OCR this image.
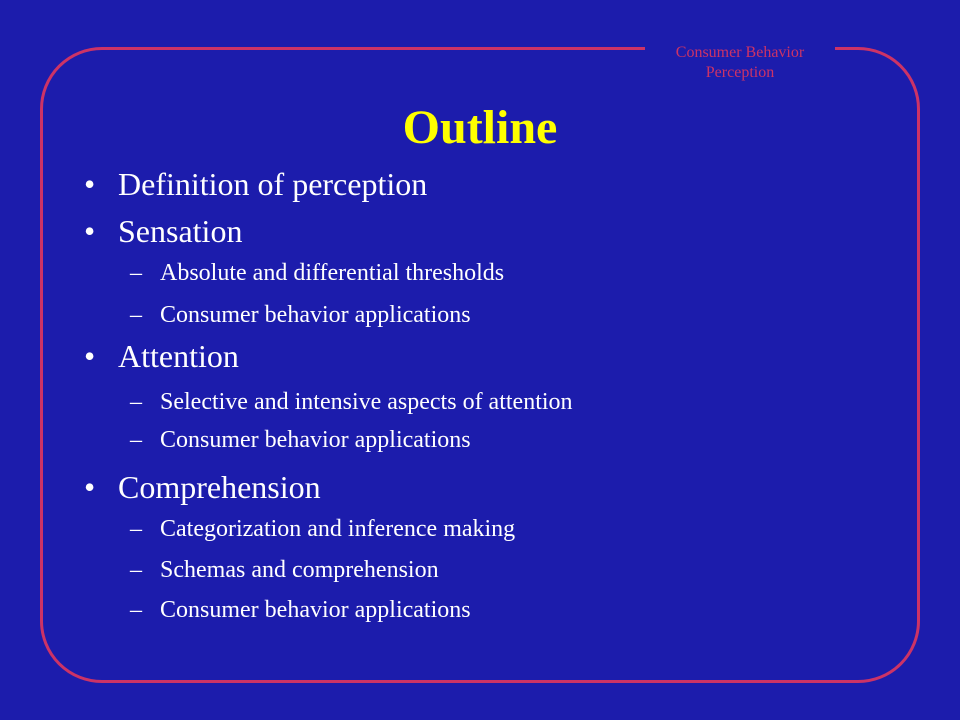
Consumer Behavior
Perception
Outline
• Definition of perception
• Sensation
– Absolute and differential thresholds
– Consumer behavior applications
• Attention
– Selective and intensive aspects of attention
– Consumer behavior applications
• Comprehension
– Categorization and inference making
– Schemas and comprehension
– Consumer behavior applications
